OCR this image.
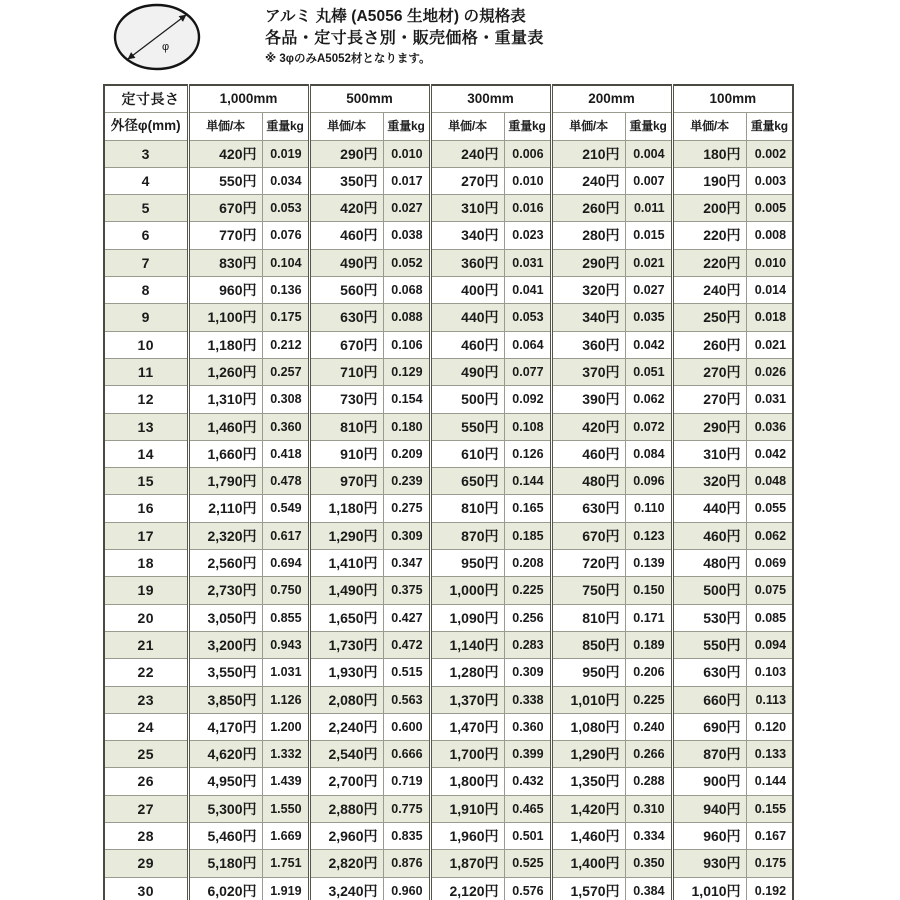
φ
アルミ 丸棒 (A5056 生地材) の規格表
各品・定寸長さ別・販売価格・重量表
※ 3φのみA5052材となります。
定寸長さ	1,000mm		500mm		300mm		200mm		100mm	
外径φ(mm)	単価/本	重量kg	単価/本	重量kg	単価/本	重量kg	単価/本	重量kg	単価/本	重量kg
3	420円	0.019	290円	0.010	240円	0.006	210円	0.004	180円	0.002
4	550円	0.034	350円	0.017	270円	0.010	240円	0.007	190円	0.003
5	670円	0.053	420円	0.027	310円	0.016	260円	0.011	200円	0.005
6	770円	0.076	460円	0.038	340円	0.023	280円	0.015	220円	0.008
7	830円	0.104	490円	0.052	360円	0.031	290円	0.021	220円	0.010
8	960円	0.136	560円	0.068	400円	0.041	320円	0.027	240円	0.014
9	1,100円	0.175	630円	0.088	440円	0.053	340円	0.035	250円	0.018
10	1,180円	0.212	670円	0.106	460円	0.064	360円	0.042	260円	0.021
11	1,260円	0.257	710円	0.129	490円	0.077	370円	0.051	270円	0.026
12	1,310円	0.308	730円	0.154	500円	0.092	390円	0.062	270円	0.031
13	1,460円	0.360	810円	0.180	550円	0.108	420円	0.072	290円	0.036
14	1,660円	0.418	910円	0.209	610円	0.126	460円	0.084	310円	0.042
15	1,790円	0.478	970円	0.239	650円	0.144	480円	0.096	320円	0.048
16	2,110円	0.549	1,180円	0.275	810円	0.165	630円	0.110	440円	0.055
17	2,320円	0.617	1,290円	0.309	870円	0.185	670円	0.123	460円	0.062
18	2,560円	0.694	1,410円	0.347	950円	0.208	720円	0.139	480円	0.069
19	2,730円	0.750	1,490円	0.375	1,000円	0.225	750円	0.150	500円	0.075
20	3,050円	0.855	1,650円	0.427	1,090円	0.256	810円	0.171	530円	0.085
21	3,200円	0.943	1,730円	0.472	1,140円	0.283	850円	0.189	550円	0.094
22	3,550円	1.031	1,930円	0.515	1,280円	0.309	950円	0.206	630円	0.103
23	3,850円	1.126	2,080円	0.563	1,370円	0.338	1,010円	0.225	660円	0.113
24	4,170円	1.200	2,240円	0.600	1,470円	0.360	1,080円	0.240	690円	0.120
25	4,620円	1.332	2,540円	0.666	1,700円	0.399	1,290円	0.266	870円	0.133
26	4,950円	1.439	2,700円	0.719	1,800円	0.432	1,350円	0.288	900円	0.144
27	5,300円	1.550	2,880円	0.775	1,910円	0.465	1,420円	0.310	940円	0.155
28	5,460円	1.669	2,960円	0.835	1,960円	0.501	1,460円	0.334	960円	0.167
29	5,180円	1.751	2,820円	0.876	1,870円	0.525	1,400円	0.350	930円	0.175
30	6,020円	1.919	3,240円	0.960	2,120円	0.576	1,570円	0.384	1,010円	0.192
